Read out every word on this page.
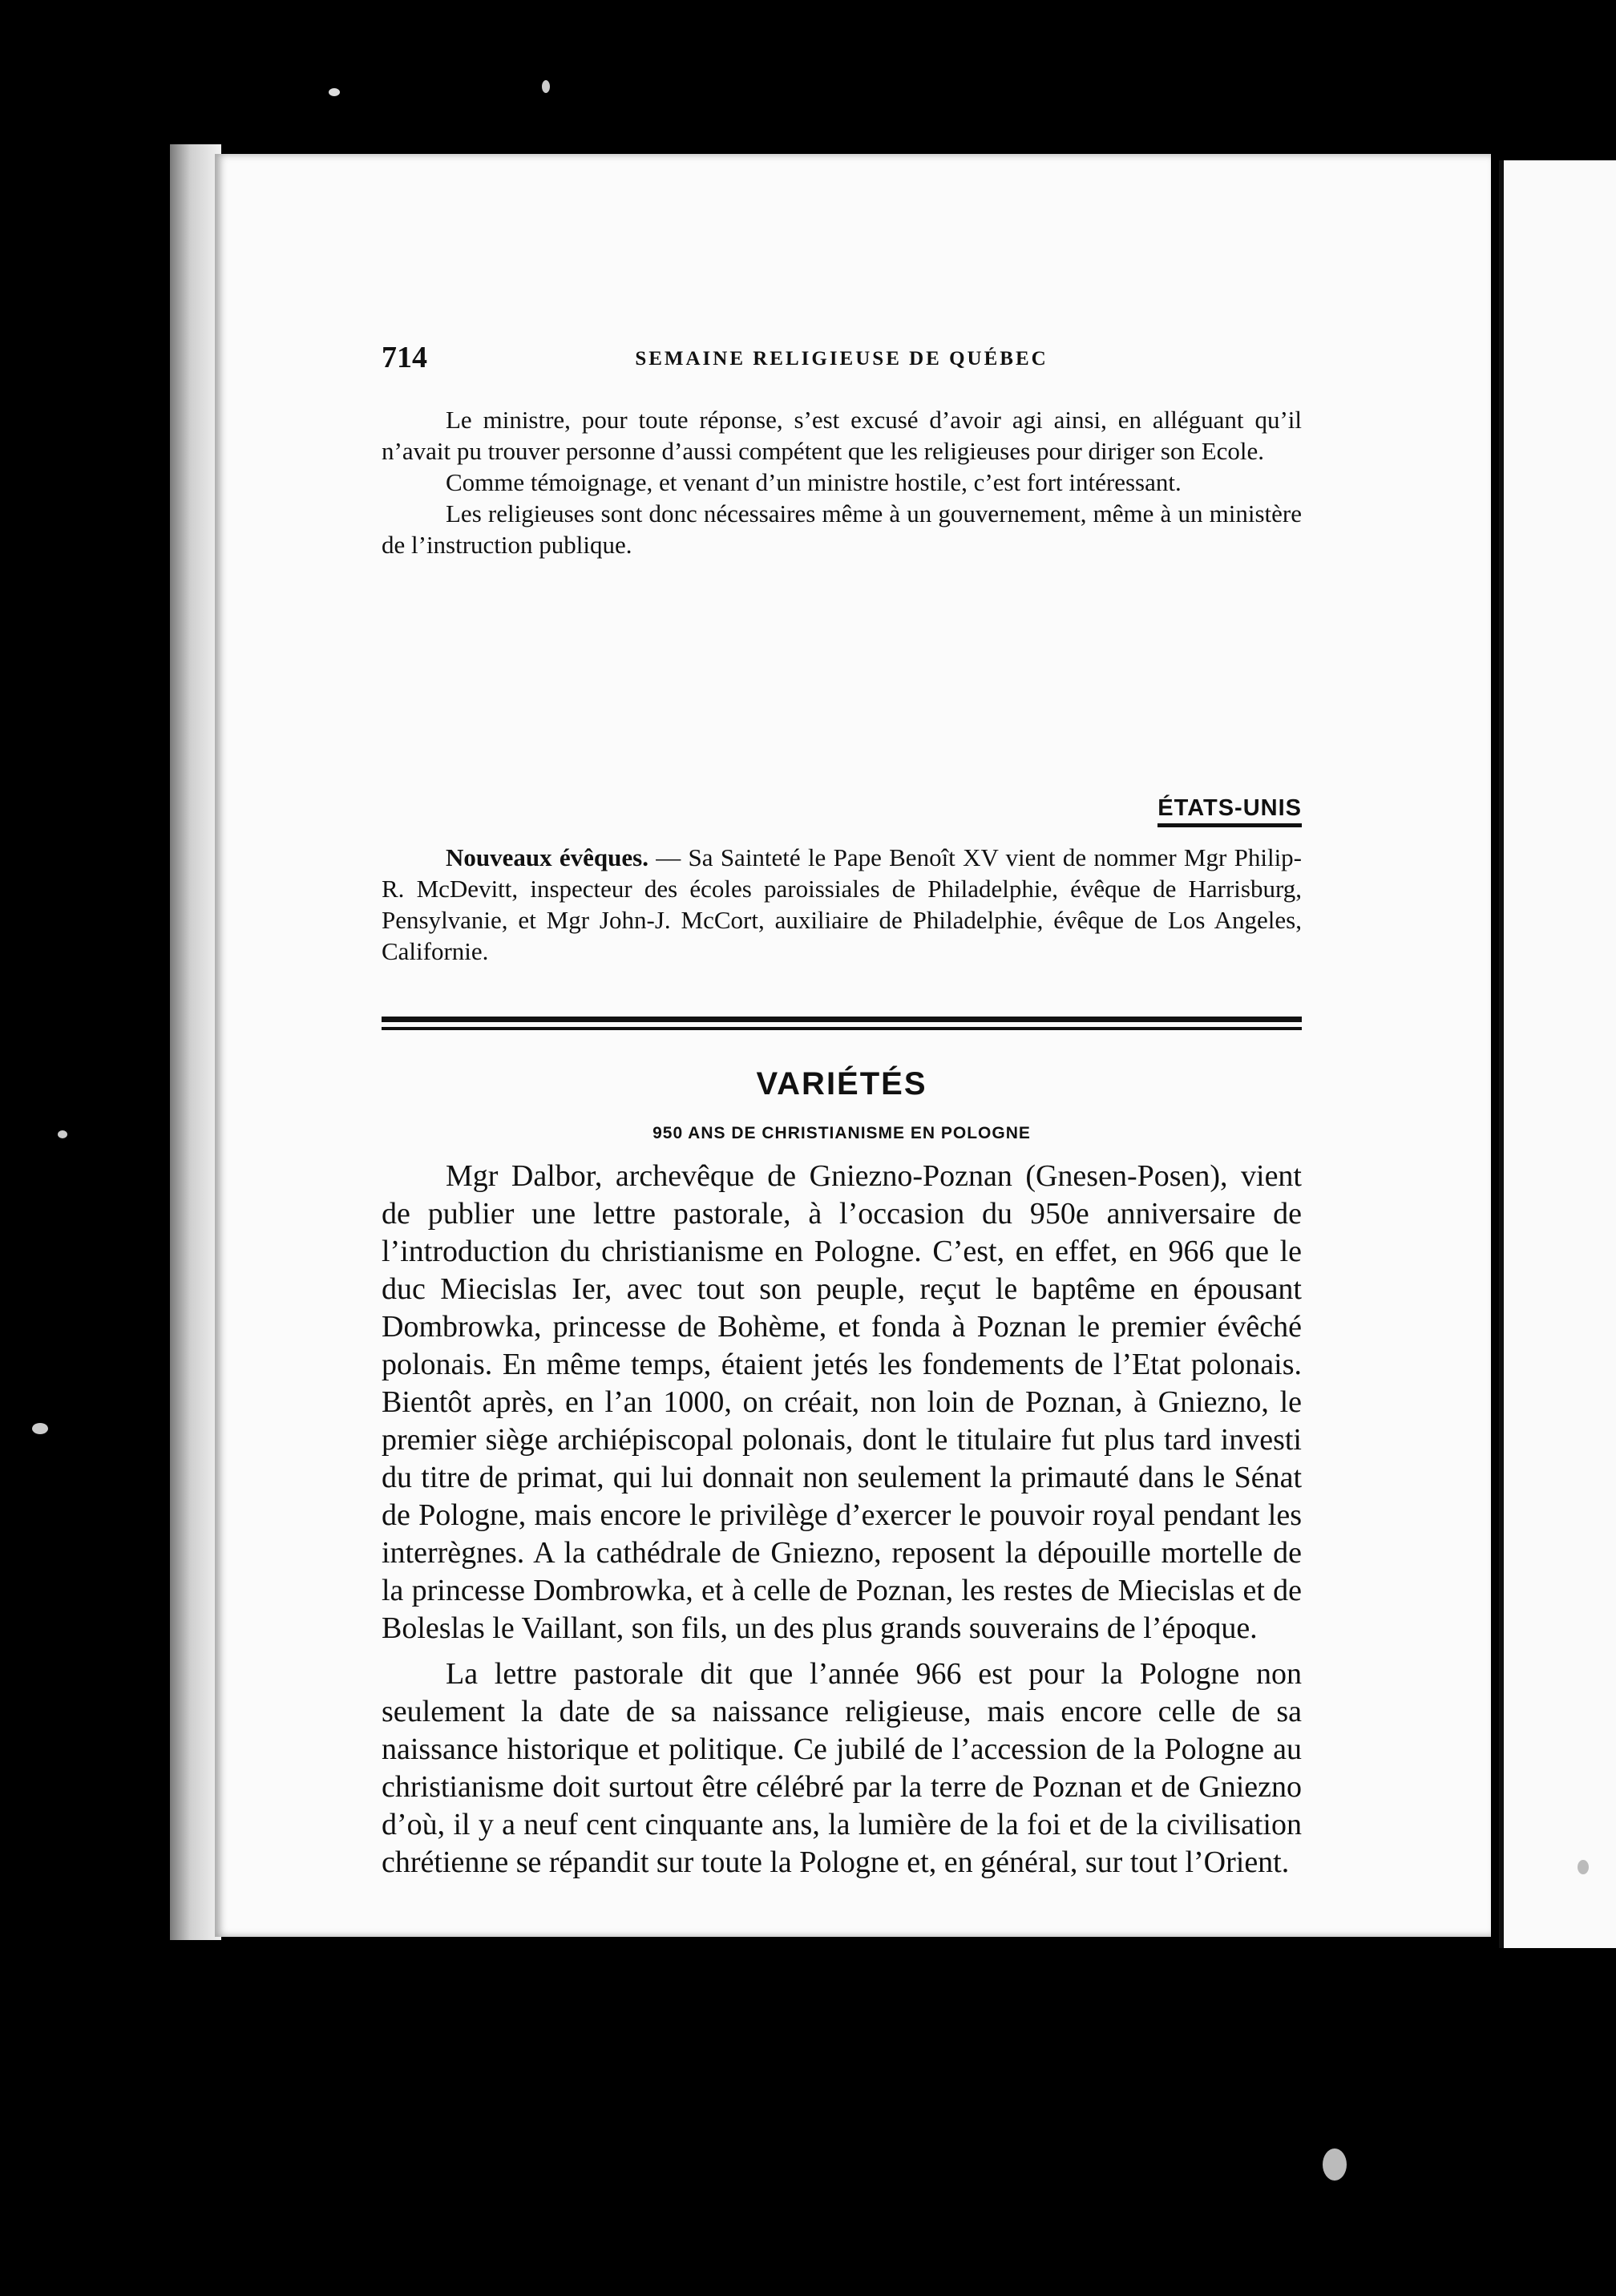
714	SEMAINE RELIGIEUSE DE QUÉBEC

Le ministre, pour toute réponse, s’est excusé d’avoir agi ainsi, en alléguant qu’il n’avait pu trouver personne d’aussi compétent que les religieuses pour diriger son Ecole.

Comme témoignage, et venant d’un ministre hostile, c’est fort intéressant.

Les religieuses sont donc nécessaires même à un gouvernement, même à un ministère de l’instruction publique.

ÉTATS-UNIS

Nouveaux évêques. — Sa Sainteté le Pape Benoît XV vient de nommer Mgr Philip-R. McDevitt, inspecteur des écoles paroissiales de Philadelphie, évêque de Harrisburg, Pensylvanie, et Mgr John-J. McCort, auxiliaire de Philadelphie, évêque de Los Angeles, Californie.

VARIÉTÉS
950 ANS DE CHRISTIANISME EN POLOGNE

Mgr Dalbor, archevêque de Gniezno-Poznan (Gnesen-Posen), vient de publier une lettre pastorale, à l’occasion du 950e anniversaire de l’introduction du christianisme en Pologne. C’est, en effet, en 966 que le duc Miecislas Ier, avec tout son peuple, reçut le baptême en épousant Dombrowka, princesse de Bohème, et fonda à Poznan le premier évêché polonais. En même temps, étaient jetés les fondements de l’Etat polonais. Bientôt après, en l’an 1000, on créait, non loin de Poznan, à Gniezno, le premier siège archiépiscopal polonais, dont le titulaire fut plus tard investi du titre de primat, qui lui donnait non seulement la primauté dans le Sénat de Pologne, mais encore le privilège d’exercer le pouvoir royal pendant les interrègnes. A la cathédrale de Gniezno, reposent la dépouille mortelle de la princesse Dombrowka, et à celle de Poznan, les restes de Miecislas et de Boleslas le Vaillant, son fils, un des plus grands souverains de l’époque.

La lettre pastorale dit que l’année 966 est pour la Pologne non seulement la date de sa naissance religieuse, mais encore celle de sa naissance historique et politique. Ce jubilé de l’accession de la Pologne au christianisme doit surtout être célébré par la terre de Poznan et de Gniezno d’où, il y a neuf cent cinquante ans, la lumière de la foi et de la civilisation chrétienne se répandit sur toute la Pologne et, en général, sur tout l’Orient.
